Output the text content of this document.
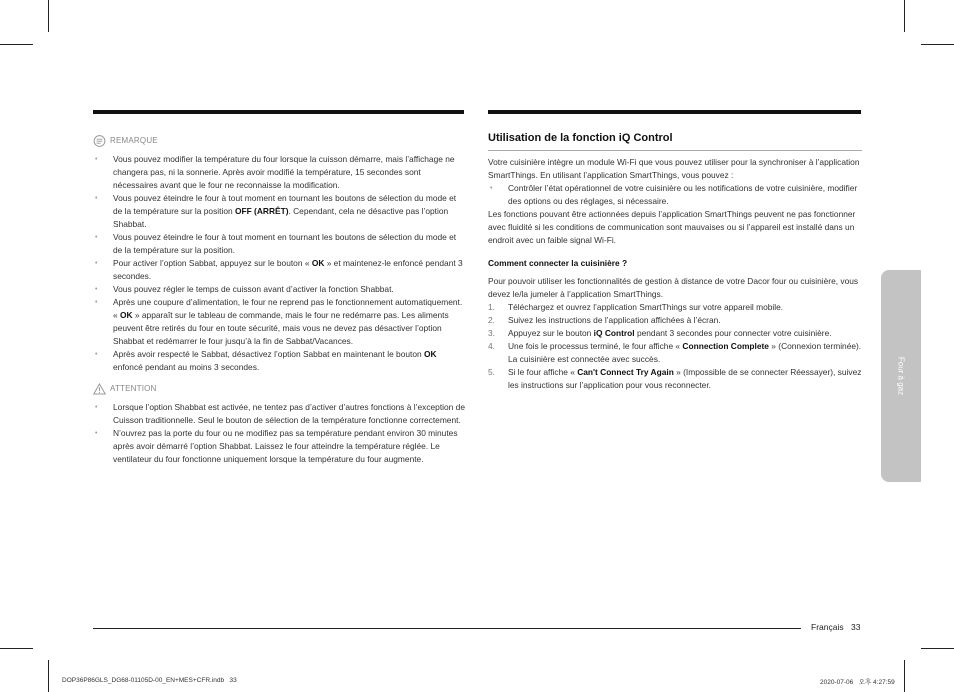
REMARQUE

• Vous pouvez modifier la température du four lorsque la cuisson démarre, mais l’affichage ne changera pas, ni la sonnerie. Après avoir modifié la température, 15 secondes sont nécessaires avant que le four ne reconnaisse la modification.

• Vous pouvez éteindre le four à tout moment en tournant les boutons de sélection du mode et de la température sur la position OFF (ARRÊT). Cependant, cela ne désactive pas l’option Shabbat.

• Vous pouvez éteindre le four à tout moment en tournant les boutons de sélection du mode et de la température sur la position.

• Pour activer l’option Sabbat, appuyez sur le bouton « OK » et maintenez-le enfoncé pendant 3 secondes.

• Vous pouvez régler le temps de cuisson avant d’activer la fonction Shabbat.

• Après une coupure d’alimentation, le four ne reprend pas le fonctionnement automatiquement. « OK » apparaît sur le tableau de commande, mais le four ne redémarre pas. Les aliments peuvent être retirés du four en toute sécurité, mais vous ne devez pas désactiver l’option Shabbat et redémarrer le four jusqu’à la fin de Sabbat/Vacances.

• Après avoir respecté le Sabbat, désactivez l’option Sabbat en maintenant le bouton OK enfoncé pendant au moins 3 secondes.

ATTENTION

• Lorsque l’option Shabbat est activée, ne tentez pas d’activer d’autres fonctions à l’exception de Cuisson traditionnelle. Seul le bouton de sélection de la température fonctionne correctement.

• N’ouvrez pas la porte du four ou ne modifiez pas sa température pendant environ 30 minutes après avoir démarré l’option Shabbat. Laissez le four atteindre la température réglée. Le ventilateur du four fonctionne uniquement lorsque la température du four augmente.

Utilisation de la fonction iQ Control

Votre cuisinière intègre un module Wi-Fi que vous pouvez utiliser pour la synchroniser à l’application SmartThings. En utilisant l’application SmartThings, vous pouvez :

• Contrôler l’état opérationnel de votre cuisinière ou les notifications de votre cuisinière, modifier des options ou des réglages, si nécessaire.

Les fonctions pouvant être actionnées depuis l’application SmartThings peuvent ne pas fonctionner avec fluidité si les conditions de communication sont mauvaises ou si l’appareil est installé dans un endroit avec un faible signal Wi-Fi.

Comment connecter la cuisinière ?

Pour pouvoir utiliser les fonctionnalités de gestion à distance de votre Dacor four ou cuisinière, vous devez le/la jumeler à l’application SmartThings.

1. Téléchargez et ouvrez l’application SmartThings sur votre appareil mobile.

2. Suivez les instructions de l’application affichées à l’écran.

3. Appuyez sur le bouton iQ Control pendant 3 secondes pour connecter votre cuisinière.

4. Une fois le processus terminé, le four affiche « Connection Complete » (Connexion terminée). La cuisinière est connectée avec succès.

5. Si le four affiche « Can't Connect Try Again » (Impossible de se connecter Réessayer), suivez les instructions sur l’application pour vous reconnecter.	Four à gaz
Français 33
DOP36P86GLS_DG68-01105D-00_EN+MES+CFR.indb   33	2020-07-06   오후 4:27:59
